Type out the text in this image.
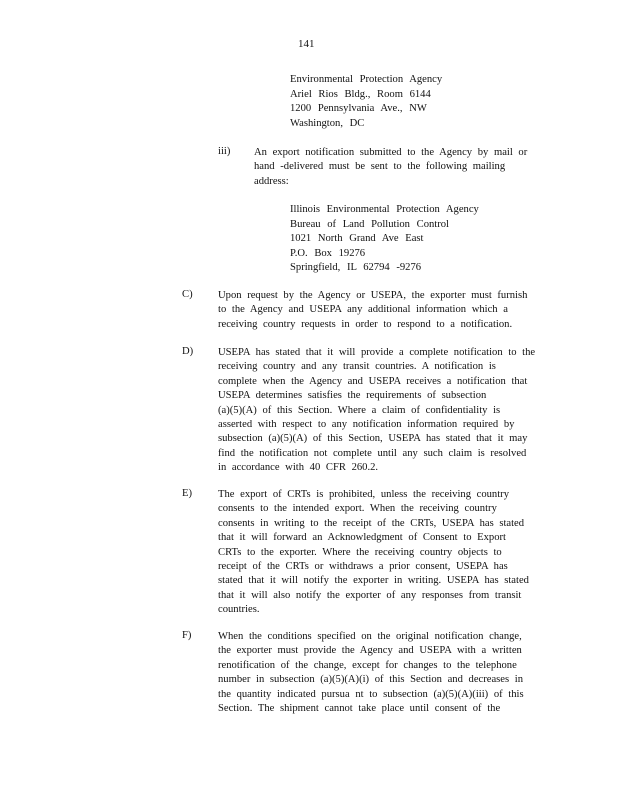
141
Environmental Protection Agency
Ariel Rios Bldg., Room 6144
1200 Pennsylvania Ave., NW
Washington, DC
iii) An export notification submitted to the Agency by mail or
hand -delivered must be sent to the following mailing
address:
Illinois Environmental Protection Agency
Bureau of Land Pollution Control
1021 North Grand Ave East
P.O. Box 19276
Springfield, IL 62794 -9276
C) Upon request by the Agency or USEPA, the exporter must furnish
to the Agency and USEPA any additional information which a
receiving country requests in order to respond to a notification.
D) USEPA has stated that it will provide a complete notification to the
receiving country and any transit countries. A notification is
complete when the Agency and USEPA receives a notification that
USEPA determines satisfies the requirements of subsection
(a)(5)(A) of this Section. Where a claim of confidentiality is
asserted with respect to any notification information required by
subsection (a)(5)(A) of this Section, USEPA has stated that it may
find the notification not complete until any such claim is resolved
in accordance with 40 CFR 260.2.
E) The export of CRTs is prohibited, unless the receiving country
consents to the intended export. When the receiving country
consents in writing to the receipt of the CRTs, USEPA has stated
that it will forward an Acknowledgment of Consent to Export
CRTs to the exporter. Where the receiving country objects to
receipt of the CRTs or withdraws a prior consent, USEPA has
stated that it will notify the exporter in writing. USEPA has stated
that it will also notify the exporter of any responses from transit
countries.
F)	When the conditions specified on the original notification change,
the exporter must provide the Agency and USEPA with a written
renotification of the change, except for changes to the telephone
number in subsection (a)(5)(A)(i) of this Section and decreases in
the quantity indicated pursua nt to subsection (a)(5)(A)(iii) of this
Section. The shipment cannot take place until consent of the
